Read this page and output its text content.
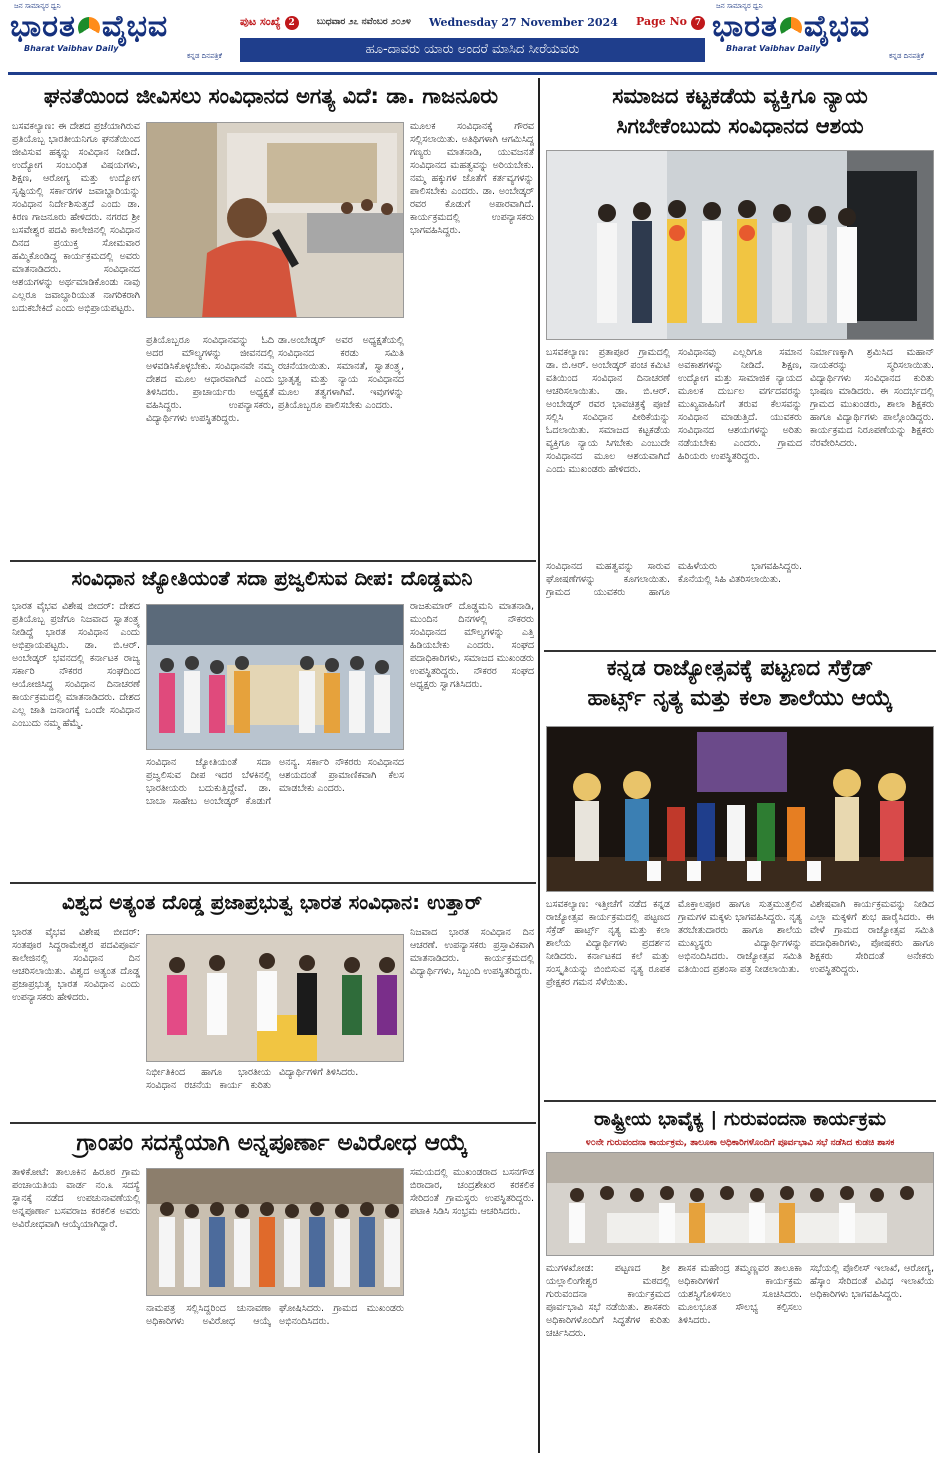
ಜನ ಸಾಮಾನ್ಯರ ಧ್ವನಿ
ಭಾರತ ವೈಭವ
Bharat Vaibhav Daily
ಕನ್ನಡ ದಿನಪತ್ರಿಕೆ
ಪುಟ ಸಂಖ್ಯೆ 2	ಬುಧವಾರ ೨೭ ನವೆಂಬರ ೨೦೨೪ Wednesday 27 November 2024 Page No 7
ಹೂ-ದಾವರು ಯಾರು ಅಂದರೆ ಮಾಸಿದ ಸೀರೆಯವರು
ಜನ ಸಾಮಾನ್ಯರ ಧ್ವನಿ
ಭಾರತ ವೈಭವ
Bharat Vaibhav Daily
ಕನ್ನಡ ದಿನಪತ್ರಿಕೆ
ಘನತೆಯಿಂದ ಜೀವಿಸಲು ಸಂವಿಧಾನದ ಅಗತ್ಯ ವಿದೆ: ಡಾ. ಗಾಜನೂರು
ಬಸವಕಲ್ಯಾಣ: ಈ ದೇಶದ ಪ್ರಜೆಯಾಗಿರುವ ಪ್ರತಿಯೊಬ್ಬ ಭಾರತೀಯನಿಗೂ ಘನತೆಯಿಂದ ಜೀವಿಸುವ ಹಕ್ಕನ್ನು ಸಂವಿಧಾನ ನೀಡಿದೆ. ಉದ್ಯೋಗ ಸಂಬಂಧಿತ ವಿಷಯಗಳು, ಶಿಕ್ಷಣ, ಆರೋಗ್ಯ ಮತ್ತು ಉದ್ಯೋಗ ಸೃಷ್ಟಿಯಲ್ಲಿ ಸರ್ಕಾರಗಳ ಜವಾಬ್ದಾರಿಯನ್ನು ಸಂವಿಧಾನ ನಿರ್ದೇಶಿಸುತ್ತದೆ ಎಂದು ಡಾ. ಕಿರಣ ಗಾಜನೂರು ಹೇಳಿದರು. ನಗರದ ಶ್ರೀ ಬಸವೇಶ್ವರ ಪದವಿ ಕಾಲೇಜಿನಲ್ಲಿ ಸಂವಿಧಾನ ದಿನದ ಪ್ರಯುಕ್ತ ಸೋಮವಾರ ಹಮ್ಮಿಕೊಂಡಿದ್ದ ಕಾರ್ಯಕ್ರಮದಲ್ಲಿ ಅವರು ಮಾತನಾಡಿದರು. ಸಂವಿಧಾನದ ಆಶಯಗಳನ್ನು ಅರ್ಥಮಾಡಿಕೊಂಡು ನಾವು ಎಲ್ಲರೂ ಜವಾಬ್ದಾರಿಯುತ ನಾಗರಿಕರಾಗಿ ಬದುಕಬೇಕಿದೆ ಎಂದು ಅಭಿಪ್ರಾಯಪಟ್ಟರು.
ಪ್ರತಿಯೊಬ್ಬರೂ ಸಂವಿಧಾನವನ್ನು ಓದಿ ಅದರ ಮೌಲ್ಯಗಳನ್ನು ಜೀವನದಲ್ಲಿ ಅಳವಡಿಸಿಕೊಳ್ಳಬೇಕು. ಸಂವಿಧಾನವೇ ನಮ್ಮ ದೇಶದ ಮೂಲ ಆಧಾರವಾಗಿದೆ ಎಂದು ತಿಳಿಸಿದರು. ಪ್ರಾಚಾರ್ಯರು ಅಧ್ಯಕ್ಷತೆ ವಹಿಸಿದ್ದರು. ಉಪನ್ಯಾಸಕರು, ವಿದ್ಯಾರ್ಥಿಗಳು ಉಪಸ್ಥಿತರಿದ್ದರು.
ಡಾ.ಅಂಬೇಡ್ಕರ್ ಅವರ ಅಧ್ಯಕ್ಷತೆಯಲ್ಲಿ ಸಂವಿಧಾನದ ಕರಡು ಸಮಿತಿ ರಚನೆಯಾಯಿತು. ಸಮಾನತೆ, ಸ್ವಾತಂತ್ರ್ಯ, ಭ್ರಾತೃತ್ವ ಮತ್ತು ನ್ಯಾಯ ಸಂವಿಧಾನದ ಮೂಲ ತತ್ವಗಳಾಗಿವೆ. ಇವುಗಳನ್ನು ಪ್ರತಿಯೊಬ್ಬರೂ ಪಾಲಿಸಬೇಕು ಎಂದರು.
ಮೂಲಕ ಸಂವಿಧಾನಕ್ಕೆ ಗೌರವ ಸಲ್ಲಿಸಲಾಯಿತು. ಅತಿಥಿಗಳಾಗಿ ಆಗಮಿಸಿದ್ದ ಗಣ್ಯರು ಮಾತನಾಡಿ, ಯುವಜನತೆ ಸಂವಿಧಾನದ ಮಹತ್ವವನ್ನು ಅರಿಯಬೇಕು. ನಮ್ಮ ಹಕ್ಕುಗಳ ಜೊತೆಗೆ ಕರ್ತವ್ಯಗಳನ್ನು ಪಾಲಿಸಬೇಕು ಎಂದರು. ಡಾ. ಅಂಬೇಡ್ಕರ್ ರವರ ಕೊಡುಗೆ ಅಪಾರವಾಗಿದೆ. ಕಾರ್ಯಕ್ರಮದಲ್ಲಿ ಉಪನ್ಯಾಸಕರು ಭಾಗವಹಿಸಿದ್ದರು.
ಸಂವಿಧಾನ ಜ್ಯೋತಿಯಂತೆ ಸದಾ ಪ್ರಜ್ವಲಿಸುವ ದೀಪ: ದೊಡ್ಡಮನಿ
ಭಾರತ ವೈಭವ ವಿಶೇಷ ಬೀದರ್: ದೇಶದ ಪ್ರತಿಯೊಬ್ಬ ಪ್ರಜೆಗೂ ನಿಜವಾದ ಸ್ವಾತಂತ್ರ್ಯ ನೀಡಿದ್ದೆ ಭಾರತ ಸಂವಿಧಾನ ಎಂದು ಅಭಿಪ್ರಾಯಪಟ್ಟರು. ಡಾ. ಬಿ.ಆರ್. ಅಂಬೇಡ್ಕರ್ ಭವನದಲ್ಲಿ ಕರ್ನಾಟಕ ರಾಜ್ಯ ಸರ್ಕಾರಿ ನೌಕರರ ಸಂಘದಿಂದ ಆಯೋಜಿಸಿದ್ದ ಸಂವಿಧಾನ ದಿನಾಚರಣೆ ಕಾರ್ಯಕ್ರಮದಲ್ಲಿ ಮಾತನಾಡಿದರು. ದೇಶದ ಎಲ್ಲ ಜಾತಿ ಜನಾಂಗಕ್ಕೆ ಒಂದೇ ಸಂವಿಧಾನ ಎಂಬುದು ನಮ್ಮ ಹೆಮ್ಮೆ.
ಸಂವಿಧಾನ ಜ್ಯೋತಿಯಂತೆ ಸದಾ ಪ್ರಜ್ವಲಿಸುವ ದೀಪ ಇದರ ಬೆಳಕಿನಲ್ಲಿ ಭಾರತೀಯರು ಬದುಕುತ್ತಿದ್ದೇವೆ. ಡಾ. ಬಾಬಾ ಸಾಹೇಬ ಅಂಬೇಡ್ಕರ್ ಕೊಡುಗೆ ಅನನ್ಯ. ಸರ್ಕಾರಿ ನೌಕರರು ಸಂವಿಧಾನದ ಆಶಯದಂತೆ ಪ್ರಾಮಾಣಿಕವಾಗಿ ಕೆಲಸ ಮಾಡಬೇಕು ಎಂದರು.
ರಾಜಕುಮಾರ್ ದೊಡ್ಡಮನಿ ಮಾತನಾಡಿ, ಮುಂದಿನ ದಿನಗಳಲ್ಲಿ ನೌಕರರು ಸಂವಿಧಾನದ ಮೌಲ್ಯಗಳನ್ನು ಎತ್ತಿ ಹಿಡಿಯಬೇಕು ಎಂದರು. ಸಂಘದ ಪದಾಧಿಕಾರಿಗಳು, ಸಮಾಜದ ಮುಖಂಡರು ಉಪಸ್ಥಿತರಿದ್ದರು. ನೌಕರರ ಸಂಘದ ಅಧ್ಯಕ್ಷರು ಸ್ವಾಗತಿಸಿದರು.
ವಿಶ್ವದ ಅತ್ಯಂತ ದೊಡ್ಡ ಪ್ರಜಾಪ್ರಭುತ್ವ ಭಾರತ ಸಂವಿಧಾನ: ಉತ್ತಾರ್
ಭಾರತ ವೈಭವ ವಿಶೇಷ ಬೀದರ್: ಸಂತಪೂರ ಸಿದ್ದರಾಮೇಶ್ವರ ಪದವಿಪೂರ್ವ ಕಾಲೇಜಿನಲ್ಲಿ ಸಂವಿಧಾನ ದಿನ ಆಚರಿಸಲಾಯಿತು. ವಿಶ್ವದ ಅತ್ಯಂತ ದೊಡ್ಡ ಪ್ರಜಾಪ್ರಭುತ್ವ ಭಾರತ ಸಂವಿಧಾನ ಎಂದು ಉಪನ್ಯಾಸಕರು ಹೇಳಿದರು.
ನಿರ್ಭೀತಿಕಿಂದ ಹಾಗೂ ಭಾರತೀಯ ಸಂವಿಧಾನ ರಚನೆಯ ಕಾರ್ಯ ಕುರಿತು ವಿದ್ಯಾರ್ಥಿಗಳಿಗೆ ತಿಳಿಸಿದರು.
ನಿಜವಾದ ಭಾರತ ಸಂವಿಧಾನ ದಿನ ಆಚರಣೆ. ಉಪನ್ಯಾಸಕರು ಪ್ರಸ್ತಾವಿಕವಾಗಿ ಮಾತನಾಡಿದರು. ಕಾರ್ಯಕ್ರಮದಲ್ಲಿ ವಿದ್ಯಾರ್ಥಿಗಳು, ಸಿಬ್ಬಂದಿ ಉಪಸ್ಥಿತರಿದ್ದರು.
ಗ್ರಾಂಪಂ ಸದಸ್ಯೆಯಾಗಿ ಅನ್ನಪೂರ್ಣಾ ಅವಿರೋಧ ಆಯ್ಕೆ
ತಾಳಿಕೋಟೆ: ತಾಲೂಕಿನ ಹಿರೂರ ಗ್ರಾಮ ಪಂಚಾಯತಿಯ ವಾರ್ಡ ನಂ.೩ ಸದಸ್ಯೆ ಸ್ಥಾನಕ್ಕೆ ನಡೆದ ಉಪಚುನಾವಣೆಯಲ್ಲಿ ಅನ್ನಪೂರ್ಣಾ ಬಸವರಾಜ ಕರಕಲಿಕ ಅವರು ಅವಿರೋಧವಾಗಿ ಆಯ್ಕೆಯಾಗಿದ್ದಾರೆ.
ನಾಮಪತ್ರ ಸಲ್ಲಿಸಿದ್ದರಿಂದ ಚುನಾವಣಾ ಅಧಿಕಾರಿಗಳು ಅವಿರೋಧ ಆಯ್ಕೆ ಘೋಷಿಸಿದರು. ಗ್ರಾಮದ ಮುಖಂಡರು ಅಭಿನಂದಿಸಿದರು.
ಸಮಯದಲ್ಲಿ ಮುಖಂಡರಾದ ಬಸನಗೌಡ ಬಿರಾದಾರ, ಚಂದ್ರಶೇಖರ ಕರಕಲಿಕ ಸೇರಿದಂತೆ ಗ್ರಾಮಸ್ಥರು ಉಪಸ್ಥಿತರಿದ್ದರು. ಪಟಾಕಿ ಸಿಡಿಸಿ ಸಂಭ್ರಮ ಆಚರಿಸಿದರು.
ಸಮಾಜದ ಕಟ್ಟಕಡೆಯ ವ್ಯಕ್ತಿಗೂ ನ್ಯಾಯ
ಸಿಗಬೇಕೆಂಬುದು ಸಂವಿಧಾನದ ಆಶಯ
ಬಸವಕಲ್ಯಾಣ: ಪ್ರತಾಪೂರ ಗ್ರಾಮದಲ್ಲಿ ಡಾ. ಬಿ.ಆರ್. ಅಂಬೇಡ್ಕರ್ ಪಂಚ ಕಮಿಟಿ ವತಿಯಿಂದ ಸಂವಿಧಾನ ದಿನಾಚರಣೆ ಆಚರಿಸಲಾಯಿತು. ಡಾ. ಬಿ.ಆರ್. ಅಂಬೇಡ್ಕರ್ ರವರ ಭಾವಚಿತ್ರಕ್ಕೆ ಪೂಜೆ ಸಲ್ಲಿಸಿ ಸಂವಿಧಾನ ಪೀಠಿಕೆಯನ್ನು ಓದಲಾಯಿತು. ಸಮಾಜದ ಕಟ್ಟಕಡೆಯ ವ್ಯಕ್ತಿಗೂ ನ್ಯಾಯ ಸಿಗಬೇಕು ಎಂಬುದೇ ಸಂವಿಧಾನದ ಮೂಲ ಆಶಯವಾಗಿದೆ ಎಂದು ಮುಖಂಡರು ಹೇಳಿದರು.
ಸಂವಿಧಾನವು ಎಲ್ಲರಿಗೂ ಸಮಾನ ಅವಕಾಶಗಳನ್ನು ನೀಡಿದೆ. ಶಿಕ್ಷಣ, ಉದ್ಯೋಗ ಮತ್ತು ಸಾಮಾಜಿಕ ನ್ಯಾಯದ ಮೂಲಕ ದುರ್ಬಲ ವರ್ಗದವರನ್ನು ಮುಖ್ಯವಾಹಿನಿಗೆ ತರುವ ಕೆಲಸವನ್ನು ಸಂವಿಧಾನ ಮಾಡುತ್ತಿದೆ. ಯುವಕರು ಸಂವಿಧಾನದ ಆಶಯಗಳನ್ನು ಅರಿತು ನಡೆಯಬೇಕು ಎಂದರು. ಗ್ರಾಮದ ಹಿರಿಯರು ಉಪಸ್ಥಿತರಿದ್ದರು.
ನಿರ್ಮಾಣಕ್ಕಾಗಿ ಶ್ರಮಿಸಿದ ಮಹಾನ್ ನಾಯಕರನ್ನು ಸ್ಮರಿಸಲಾಯಿತು. ವಿದ್ಯಾರ್ಥಿಗಳು ಸಂವಿಧಾನದ ಕುರಿತು ಭಾಷಣ ಮಾಡಿದರು. ಈ ಸಂದರ್ಭದಲ್ಲಿ ಗ್ರಾಮದ ಮುಖಂಡರು, ಶಾಲಾ ಶಿಕ್ಷಕರು ಹಾಗೂ ವಿದ್ಯಾರ್ಥಿಗಳು ಪಾಲ್ಗೊಂಡಿದ್ದರು. ಕಾರ್ಯಕ್ರಮದ ನಿರೂಪಣೆಯನ್ನು ಶಿಕ್ಷಕರು ನೆರವೇರಿಸಿದರು.
ಸಂವಿಧಾನದ ಮಹತ್ವವನ್ನು ಸಾರುವ ಘೋಷಣೆಗಳನ್ನು ಕೂಗಲಾಯಿತು. ಗ್ರಾಮದ ಯುವಕರು ಹಾಗೂ ಮಹಿಳೆಯರು ಭಾಗವಹಿಸಿದ್ದರು. ಕೊನೆಯಲ್ಲಿ ಸಿಹಿ ವಿತರಿಸಲಾಯಿತು.
ಕನ್ನಡ ರಾಜ್ಯೋತ್ಸವಕ್ಕೆ ಪಟ್ಟಣದ ಸೆಕ್ರೆಡ್
ಹಾರ್ಟ್ಸ್ ನೃತ್ಯ ಮತ್ತು ಕಲಾ ಶಾಲೆಯು ಆಯ್ಕೆ
ಬಸವಕಲ್ಯಾಣ: ಇತ್ತೀಚೆಗೆ ನಡೆದ ಕನ್ನಡ ರಾಜ್ಯೋತ್ಸವ ಕಾರ್ಯಕ್ರಮದಲ್ಲಿ ಪಟ್ಟಣದ ಸೆಕ್ರೆಡ್ ಹಾರ್ಟ್ಸ್ ನೃತ್ಯ ಮತ್ತು ಕಲಾ ಶಾಲೆಯ ವಿದ್ಯಾರ್ಥಿಗಳು ಪ್ರದರ್ಶನ ನೀಡಿದರು. ಕರ್ನಾಟಕದ ಕಲೆ ಮತ್ತು ಸಂಸ್ಕೃತಿಯನ್ನು ಬಿಂಬಿಸುವ ನೃತ್ಯ ರೂಪಕ ಪ್ರೇಕ್ಷಕರ ಗಮನ ಸೆಳೆಯಿತು.
ಮೊಕ್ತಾಲಪೂರ ಹಾಗೂ ಸುತ್ತಮುತ್ತಲಿನ ಗ್ರಾಮಗಳ ಮಕ್ಕಳು ಭಾಗವಹಿಸಿದ್ದರು. ನೃತ್ಯ ತರಬೇತುದಾರರು ಹಾಗೂ ಶಾಲೆಯ ಮುಖ್ಯಸ್ಥರು ವಿದ್ಯಾರ್ಥಿಗಳನ್ನು ಅಭಿನಂದಿಸಿದರು. ರಾಜ್ಯೋತ್ಸವ ಸಮಿತಿ ವತಿಯಿಂದ ಪ್ರಶಂಸಾ ಪತ್ರ ನೀಡಲಾಯಿತು.
ವಿಶೇಷವಾಗಿ ಕಾರ್ಯಕ್ರಮವನ್ನು ನೀಡಿದ ಎಲ್ಲಾ ಮಕ್ಕಳಿಗೆ ಶುಭ ಹಾರೈಸಿದರು. ಈ ವೇಳೆ ಗ್ರಾಮದ ರಾಜ್ಯೋತ್ಸವ ಸಮಿತಿ ಪದಾಧಿಕಾರಿಗಳು, ಪೋಷಕರು ಹಾಗೂ ಶಿಕ್ಷಕರು ಸೇರಿದಂತೆ ಅನೇಕರು ಉಪಸ್ಥಿತರಿದ್ದರು.
ರಾಷ್ಟ್ರೀಯ ಭಾವೈಕ್ಯ | ಗುರುವಂದನಾ ಕಾರ್ಯಕ್ರಮ
೪೦ನೇ ಗುರುವಂದನಾ ಕಾರ್ಯಕ್ರಮ, ತಾಲೂಕಾ ಅಧಿಕಾರಿಗಳೊಂದಿಗೆ ಪೂರ್ವಭಾವಿ ಸಭೆ ನಡೆಸಿದ ಕುಡಚಿ ಶಾಸಕ
ಮುಗಳಖೋಡ: ಪಟ್ಟಣದ ಶ್ರೀ ಯಲ್ಲಾಲಿಂಗೇಶ್ವರ ಮಠದಲ್ಲಿ ಗುರುವಂದನಾ ಕಾರ್ಯಕ್ರಮದ ಪೂರ್ವಭಾವಿ ಸಭೆ ನಡೆಯಿತು. ಶಾಸಕರು ಅಧಿಕಾರಿಗಳೊಂದಿಗೆ ಸಿದ್ಧತೆಗಳ ಕುರಿತು ಚರ್ಚಿಸಿದರು.
ಶಾಸಕ ಮಹೇಂದ್ರ ತಮ್ಮಣ್ಣವರ ತಾಲೂಕಾ ಅಧಿಕಾರಿಗಳಿಗೆ ಕಾರ್ಯಕ್ರಮ ಯಶಸ್ವಿಗೊಳಿಸಲು ಸೂಚಿಸಿದರು. ಮೂಲಭೂತ ಸೌಲಭ್ಯ ಕಲ್ಪಿಸಲು ತಿಳಿಸಿದರು.
ಸಭೆಯಲ್ಲಿ ಪೊಲೀಸ್ ಇಲಾಖೆ, ಆರೋಗ್ಯ, ಹೆಸ್ಕಾಂ ಸೇರಿದಂತೆ ವಿವಿಧ ಇಲಾಖೆಯ ಅಧಿಕಾರಿಗಳು ಭಾಗವಹಿಸಿದ್ದರು.
